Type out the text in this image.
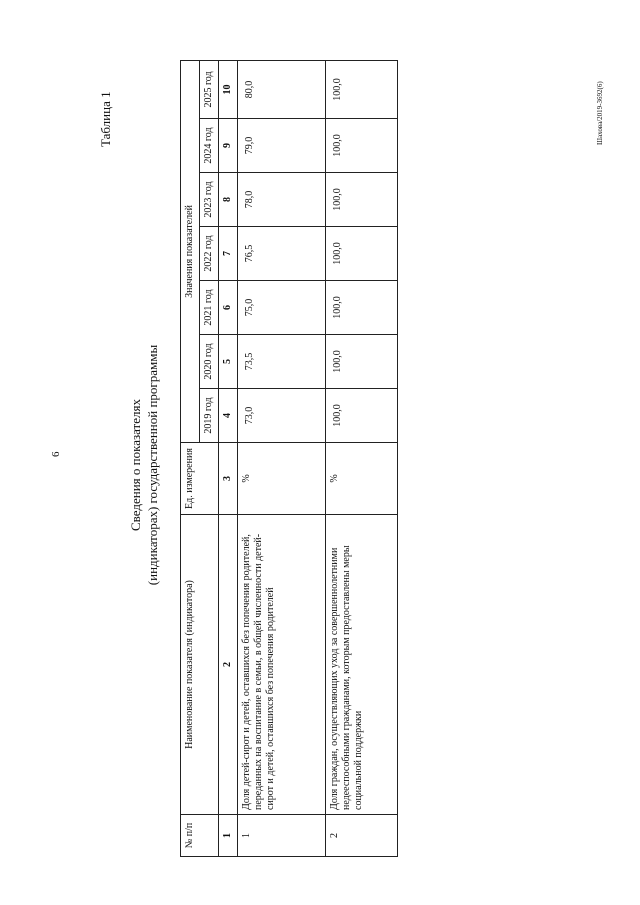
6
Таблица 1
Сведения о показателях (индикаторах) государственной программы
№ п/п	Наименование показателя (индикатора)	Ед. измерения	Значения показателей						
			2019 год	2020 год	2021 год	2022 год	2023 год	2024 год	2025 год
1	2	3	4	5	6	7	8	9	10
1	Доля детей-сирот и детей, оставшихся без попечения родителей, переданных на воспитание в семьи, в общей численности детей-сирот и детей, оставшихся без попечения родителей	%	73,0	73,5	75,0	76,5	78,0	79,0	80,0
2	Доля граждан, осуществляющих уход за совершеннолетними недееспособными гражданами, которым предоставлены меры социальной поддержки	%	100,0	100,0	100,0	100,0	100,0	100,0	100,0	Шахова/2019-3692(6)
